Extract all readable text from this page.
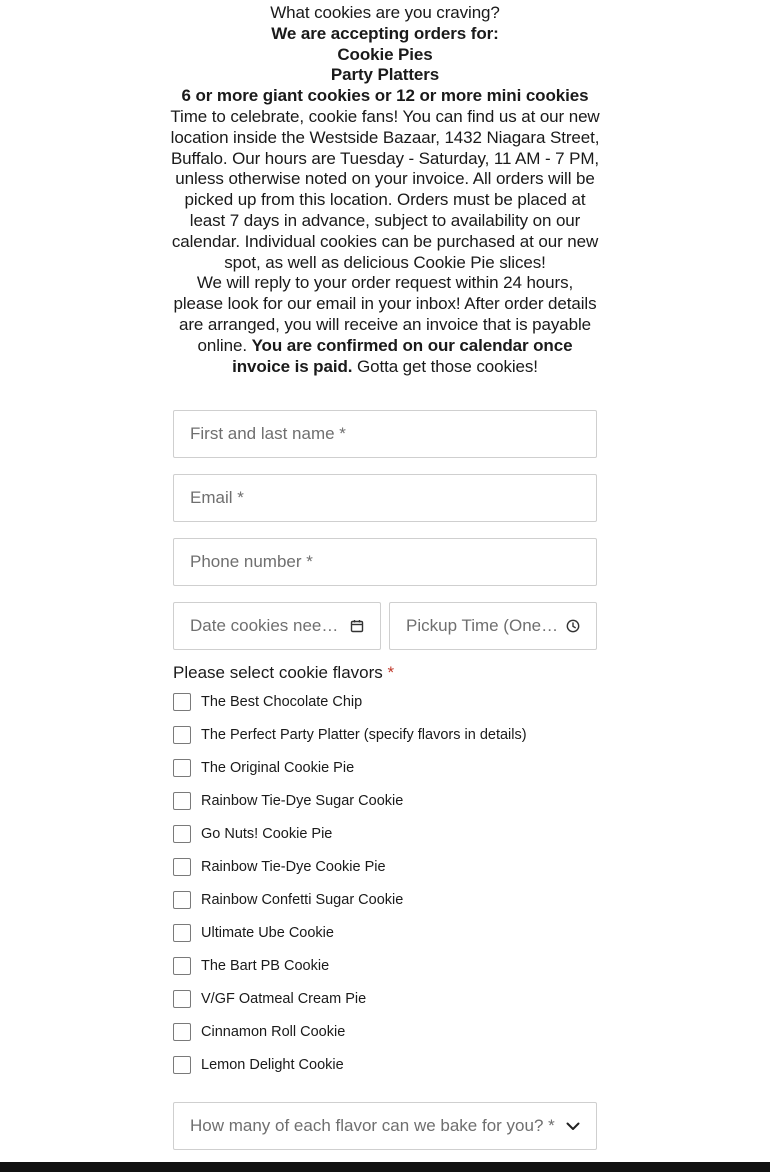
What cookies are you craving?

We are accepting orders for:

Cookie Pies

Party Platters

6 or more giant cookies or 12 or more mini cookies

Time to celebrate, cookie fans! You can find us at our new location inside the Westside Bazaar, 1432 Niagara Street, Buffalo. Our hours are Tuesday - Saturday, 11 AM - 7 PM, unless otherwise noted on your invoice. All orders will be picked up from this location. Orders must be placed at least 7 days in advance, subject to availability on our calendar. Individual cookies can be purchased at our new spot, as well as delicious Cookie Pie slices!

We will reply to your order request within 24 hours, please look for our email in your inbox! After order details are arranged, you will receive an invoice that is payable online. You are confirmed on our calendar once invoice is paid. Gotta get those cookies!

First and last name *
Email *
Phone number *
Date cookies needed *
Pickup Time (One hour window) *
Please select cookie flavors *
The Best Chocolate Chip
The Perfect Party Platter (specify flavors in details)
The Original Cookie Pie
Rainbow Tie-Dye Sugar Cookie
Go Nuts! Cookie Pie
Rainbow Tie-Dye Cookie Pie
Rainbow Confetti Sugar Cookie
Ultimate Ube Cookie
The Bart PB Cookie
V/GF Oatmeal Cream Pie
Cinnamon Roll Cookie
Lemon Delight Cookie
How many of each flavor can we bake for you? *
